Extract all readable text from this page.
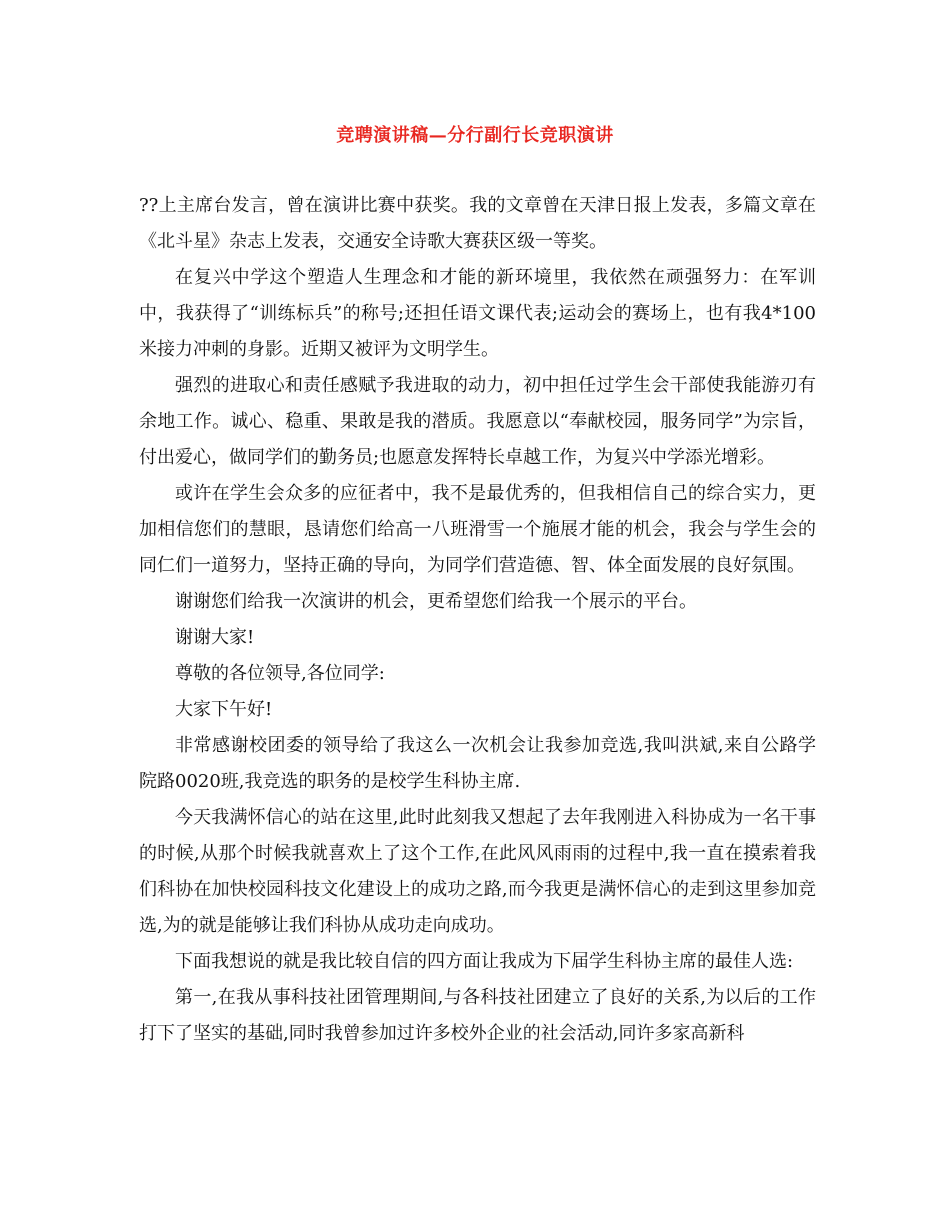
竞聘演讲稿—分行副行长竞职演讲

??上主席台发言，曾在演讲比赛中获奖。我的文章曾在天津日报上发表，多篇文章在《北斗星》杂志上发表，交通安全诗歌大赛获区级一等奖。

在复兴中学这个塑造人生理念和才能的新环境里，我依然在顽强努力：在军训中，我获得了“训练标兵”的称号;还担任语文课代表;运动会的赛场上，也有我4*100米接力冲刺的身影。近期又被评为文明学生。

强烈的进取心和责任感赋予我进取的动力，初中担任过学生会干部使我能游刃有余地工作。诚心、稳重、果敢是我的潜质。我愿意以“奉献校园，服务同学”为宗旨，付出爱心，做同学们的勤务员;也愿意发挥特长卓越工作，为复兴中学添光增彩。

或许在学生会众多的应征者中，我不是最优秀的，但我相信自己的综合实力，更加相信您们的慧眼，恳请您们给高一八班滑雪一个施展才能的机会，我会与学生会的同仁们一道努力，坚持正确的导向，为同学们营造德、智、体全面发展的良好氛围。

谢谢您们给我一次演讲的机会，更希望您们给我一个展示的平台。

谢谢大家!

尊敬的各位领导,各位同学:

大家下午好!

非常感谢校团委的领导给了我这么一次机会让我参加竞选,我叫洪斌,来自公路学院路0020班,我竞选的职务的是校学生科协主席.

今天我满怀信心的站在这里,此时此刻我又想起了去年我刚进入科协成为一名干事的时候,从那个时候我就喜欢上了这个工作,在此风风雨雨的过程中,我一直在摸索着我们科协在加快校园科技文化建设上的成功之路,而今我更是满怀信心的走到这里参加竞选,为的就是能够让我们科协从成功走向成功。

下面我想说的就是我比较自信的四方面让我成为下届学生科协主席的最佳人选:

第一,在我从事科技社团管理期间,与各科技社团建立了良好的关系,为以后的工作打下了坚实的基础,同时我曾参加过许多校外企业的社会活动,同许多家高新科
